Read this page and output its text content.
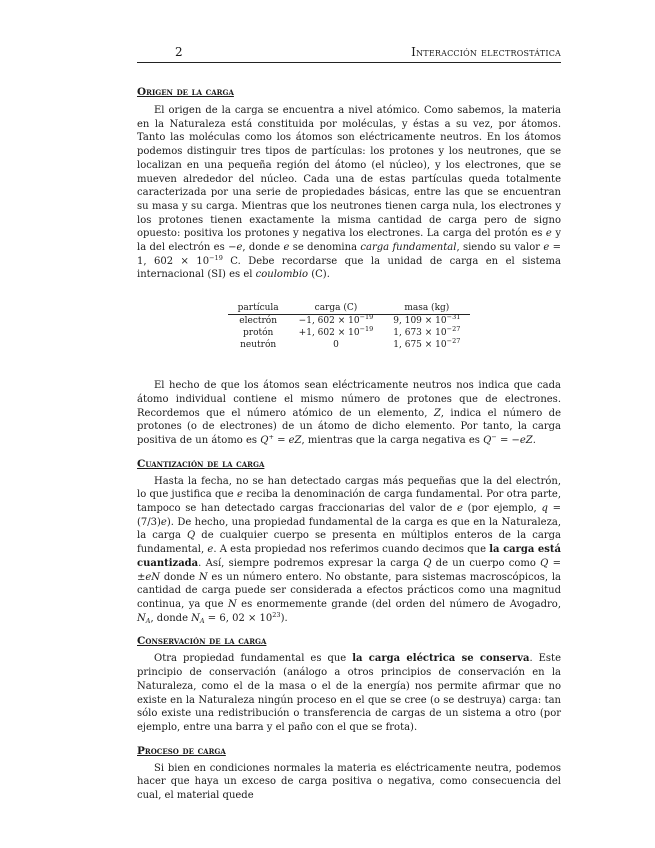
2	Interacción electrostática
Origen de la carga

El origen de la carga se encuentra a nivel atómico. Como sabemos, la materia en la Naturaleza está constituida por moléculas, y éstas a su vez, por átomos. Tanto las moléculas como los átomos son eléctricamente neutros. En los átomos podemos distinguir tres tipos de partículas: los protones y los neutrones, que se localizan en una pequeña región del átomo (el núcleo), y los electrones, que se mueven alrededor del núcleo. Cada una de estas partículas queda totalmente caracterizada por una serie de propiedades básicas, entre las que se encuentran su masa y su carga. Mientras que los neutrones tienen carga nula, los electrones y los protones tienen exactamente la misma cantidad de carga pero de signo opuesto: positiva los protones y negativa los electrones. La carga del protón es e y la del electrón es −e, donde e se denomina carga fundamental, siendo su valor e = 1, $602 \times 10^{-19}$ C. Debe recordarse que la unidad de carga en el sistema internacional (SI) es el coulombio (C).

partícula	carga (C)	masa (kg)
electrón	−1, $602 \times 10^{-19}$	9, $109 \times 10^{-31}$
protón	+1, $602 \times 10^{-19}$	1, $673 \times 10^{-27}$
neutrón	0	1, $675 \times 10^{-27}$

El hecho de que los átomos sean eléctricamente neutros nos indica que cada átomo individual contiene el mismo número de protones que de electrones. Recordemos que el número atómico de un elemento, Z, indica el número de protones (o de electrones) de un átomo de dicho elemento. Por tanto, la carga positiva de un átomo es Q+ = eZ, mientras que la carga negativa es Q− = −eZ.

Cuantización de la carga

Hasta la fecha, no se han detectado cargas más pequeñas que la del electrón, lo que justifica que e reciba la denominación de carga fundamental. Por otra parte, tampoco se han detectado cargas fraccionarias del valor de e (por ejemplo, q = (7/3)e). De hecho, una propiedad fundamental de la carga es que en la Naturaleza, la carga Q de cualquier cuerpo se presenta en múltiplos enteros de la carga fundamental, e. A esta propiedad nos referimos cuando decimos que la carga está cuantizada. Así, siempre podremos expresar la carga Q de un cuerpo como Q = ±eN donde N es un número entero. No obstante, para sistemas macroscópicos, la cantidad de carga puede ser considerada a efectos prácticos como una magnitud continua, ya que N es enormemente grande (del orden del número de Avogadro, $N_A$, donde $N_A = 6$, $02 \times 10^{23}$).

Conservación de la carga

Otra propiedad fundamental es que la carga eléctrica se conserva. Este principio de conservación (análogo a otros principios de conservación en la Naturaleza, como el de la masa o el de la energía) nos permite afirmar que no existe en la Naturaleza ningún proceso en el que se cree (o se destruya) carga: tan sólo existe una redistribución o transferencia de cargas de un sistema a otro (por ejemplo, entre una barra y el paño con el que se frota).

Proceso de carga

Si bien en condiciones normales la materia es eléctricamente neutra, podemos hacer que haya un exceso de carga positiva o negativa, como consecuencia del cual, el material quede
